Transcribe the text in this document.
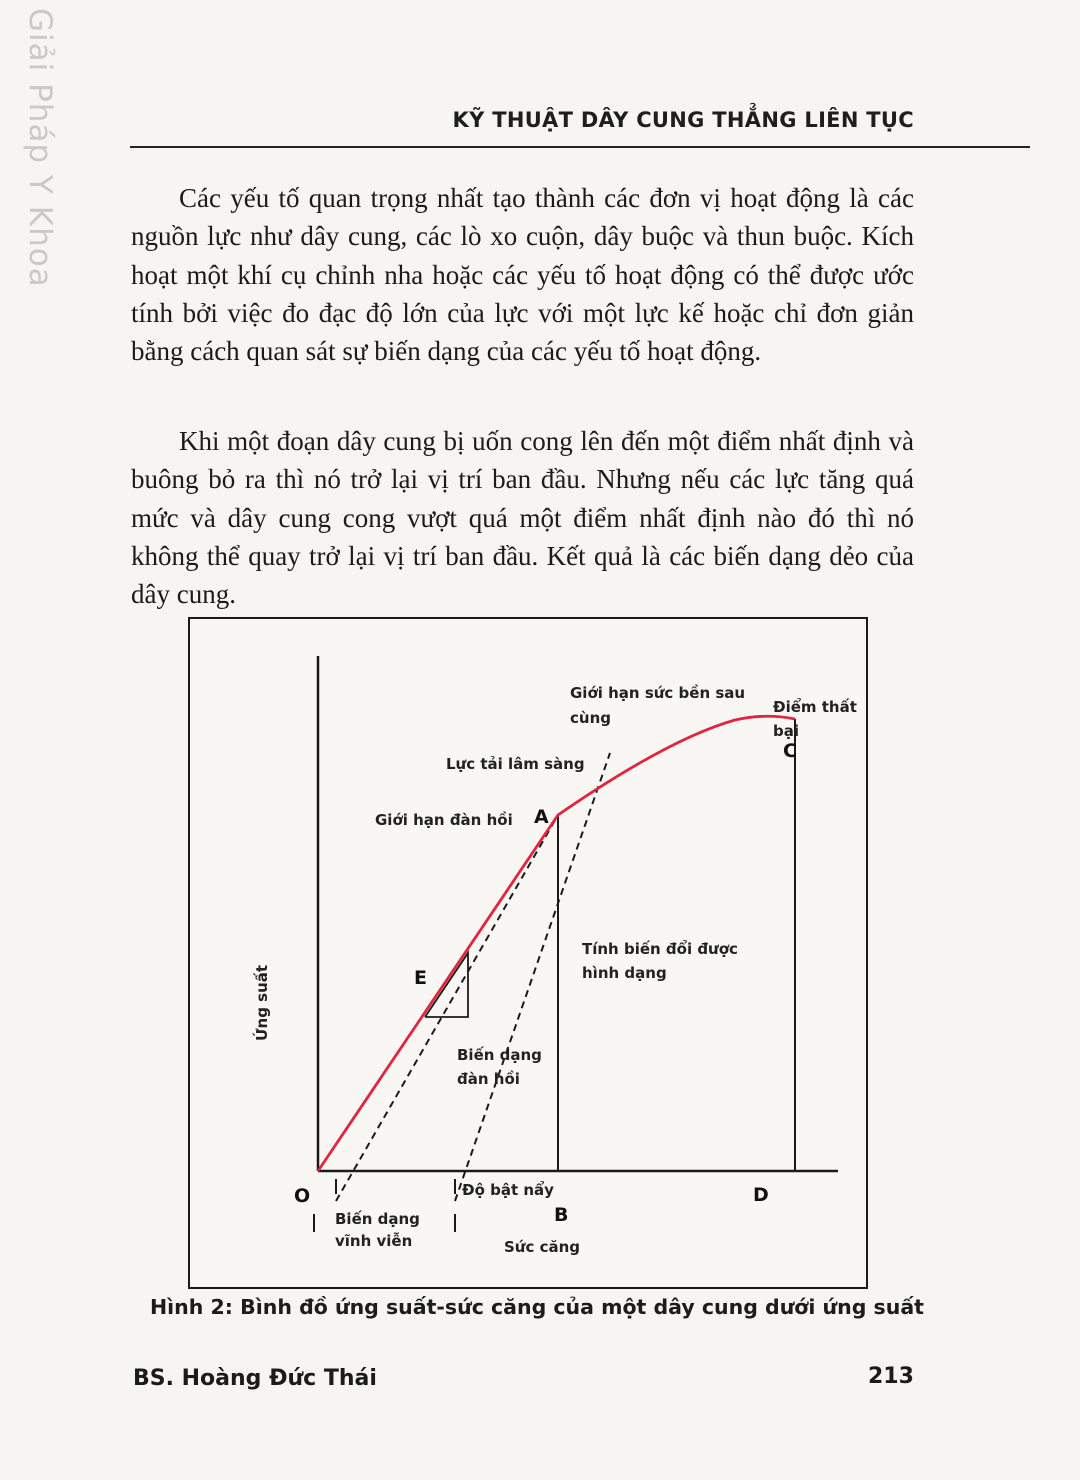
Giải Pháp Y Khoa	KỸ THUẬT DÂY CUNG THẲNG LIÊN TỤC

Các yếu tố quan trọng nhất tạo thành các đơn vị hoạt động là các nguồn lực như dây cung, các lò xo cuộn, dây buộc và thun buộc. Kích hoạt một khí cụ chỉnh nha hoặc các yếu tố hoạt động có thể được ước tính bởi việc đo đạc độ lớn của lực với một lực kế hoặc chỉ đơn giản bằng cách quan sát sự biến dạng của các yếu tố hoạt động.

Khi một đoạn dây cung bị uốn cong lên đến một điểm nhất định và buông bỏ ra thì nó trở lại vị trí ban đầu. Nhưng nếu các lực tăng quá mức và dây cung cong vượt quá một điểm nhất định nào đó thì nó không thể quay trở lại vị trí ban đầu. Kết quả là các biến dạng dẻo của dây cung.

Giới hạn sức bền sau
cùng
Điểm thất
bại
C
Lực tải lâm sàng
Giới hạn đàn hồi A
Tính biến đổi được
hình dạng
E
Biến dạng
đàn hồi
O	Độ bật nẩy	D
B
Biến dạng
vĩnh viễn	Sức căng
Ứng suất
Hình 2: Bình đồ ứng suất-sức căng của một dây cung dưới ứng suất
BS. Hoàng Đức Thái	213
